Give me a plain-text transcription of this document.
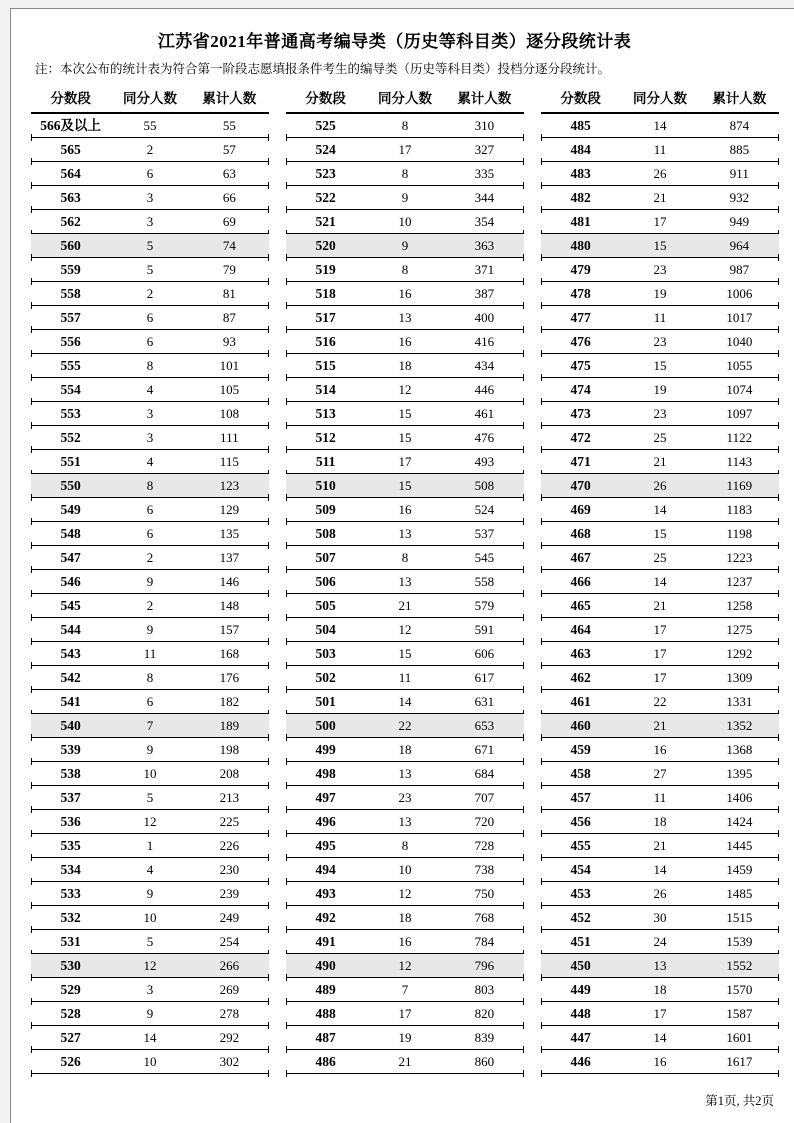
江苏省2021年普通高考编导类（历史等科目类）逐分段统计表
注：本次公布的统计表为符合第一阶段志愿填报条件考生的编导类（历史等科目类）投档分逐分段统计。
分数段	同分人数	累计人数
566及以上	55	55
565	2	57
564	6	63
563	3	66
562	3	69
560	5	74
559	5	79
558	2	81
557	6	87
556	6	93
555	8	101
554	4	105
553	3	108
552	3	111
551	4	115
550	8	123
549	6	129
548	6	135
547	2	137
546	9	146
545	2	148
544	9	157
543	11	168
542	8	176
541	6	182
540	7	189
539	9	198
538	10	208
537	5	213
536	12	225
535	1	226
534	4	230
533	9	239
532	10	249
531	5	254
530	12	266
529	3	269
528	9	278
527	14	292
526	10	302
分数段	同分人数	累计人数
525	8	310
524	17	327
523	8	335
522	9	344
521	10	354
520	9	363
519	8	371
518	16	387
517	13	400
516	16	416
515	18	434
514	12	446
513	15	461
512	15	476
511	17	493
510	15	508
509	16	524
508	13	537
507	8	545
506	13	558
505	21	579
504	12	591
503	15	606
502	11	617
501	14	631
500	22	653
499	18	671
498	13	684
497	23	707
496	13	720
495	8	728
494	10	738
493	12	750
492	18	768
491	16	784
490	12	796
489	7	803
488	17	820
487	19	839
486	21	860
分数段	同分人数	累计人数
485	14	874
484	11	885
483	26	911
482	21	932
481	17	949
480	15	964
479	23	987
478	19	1006
477	11	1017
476	23	1040
475	15	1055
474	19	1074
473	23	1097
472	25	1122
471	21	1143
470	26	1169
469	14	1183
468	15	1198
467	25	1223
466	14	1237
465	21	1258
464	17	1275
463	17	1292
462	17	1309
461	22	1331
460	21	1352
459	16	1368
458	27	1395
457	11	1406
456	18	1424
455	21	1445
454	14	1459
453	26	1485
452	30	1515
451	24	1539
450	13	1552
449	18	1570
448	17	1587
447	14	1601
446	16	1617
第1页, 共2页
